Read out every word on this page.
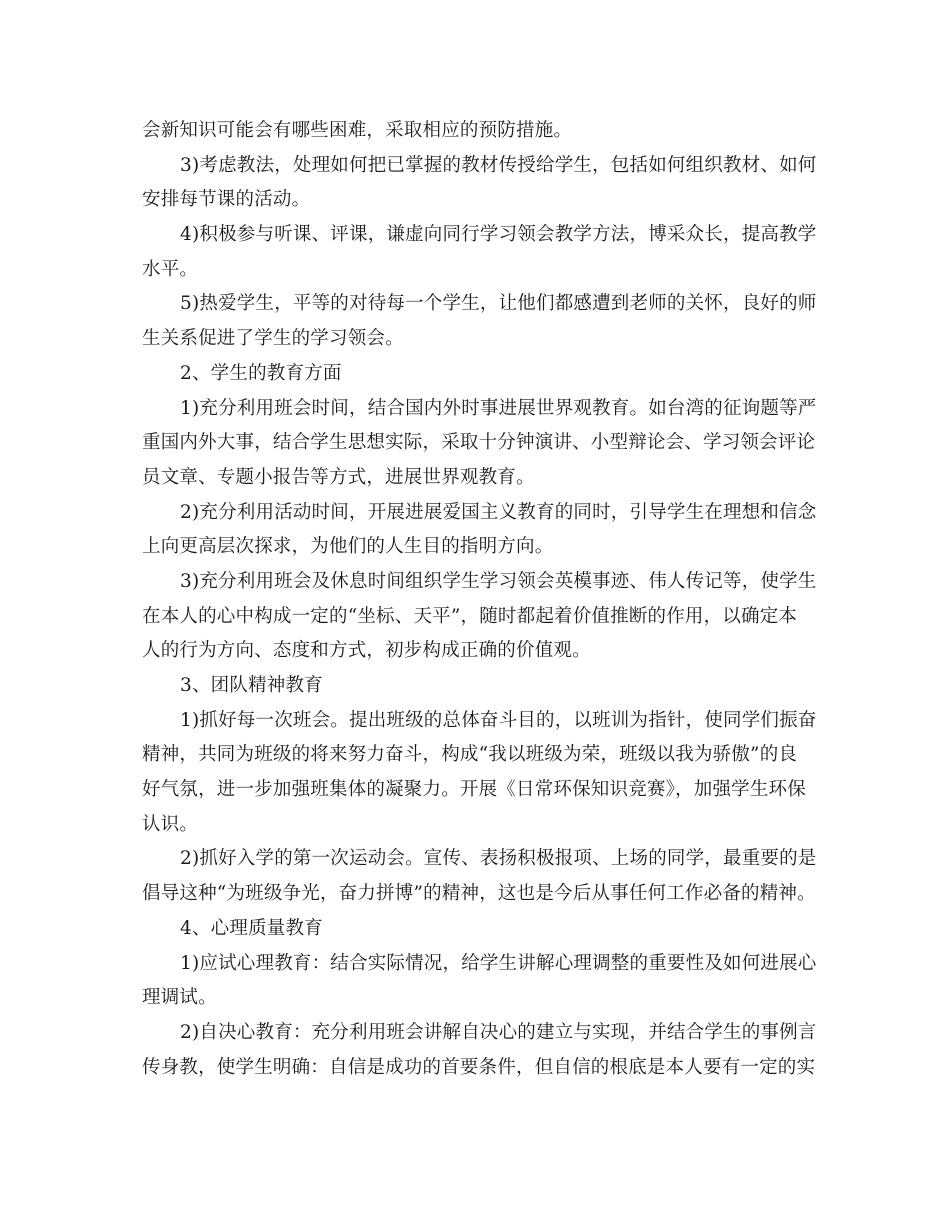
会新知识可能会有哪些困难，采取相应的预防措施。
3)考虑教法，处理如何把已掌握的教材传授给学生，包括如何组织教材、如何
安排每节课的活动。
4)积极参与听课、评课，谦虚向同行学习领会教学方法，博采众长，提高教学
水平。
5)热爱学生，平等的对待每一个学生，让他们都感遭到老师的关怀，良好的师
生关系促进了学生的学习领会。
2、学生的教育方面
1)充分利用班会时间，结合国内外时事进展世界观教育。如台湾的征询题等严
重国内外大事，结合学生思想实际，采取十分钟演讲、小型辩论会、学习领会评论
员文章、专题小报告等方式，进展世界观教育。
2)充分利用活动时间，开展进展爱国主义教育的同时，引导学生在理想和信念
上向更高层次探求，为他们的人生目的指明方向。
3)充分利用班会及休息时间组织学生学习领会英模事迹、伟人传记等，使学生
在本人的心中构成一定的“坐标、天平”，随时都起着价值推断的作用，以确定本
人的行为方向、态度和方式，初步构成正确的价值观。
3、团队精神教育
1)抓好每一次班会。提出班级的总体奋斗目的，以班训为指针，使同学们振奋
精神，共同为班级的将来努力奋斗，构成“我以班级为荣，班级以我为骄傲”的良
好气氛，进一步加强班集体的凝聚力。开展《日常环保知识竞赛》，加强学生环保
认识。
2)抓好入学的第一次运动会。宣传、表扬积极报项、上场的同学，最重要的是
倡导这种“为班级争光，奋力拼博”的精神，这也是今后从事任何工作必备的精神。
4、心理质量教育
1)应试心理教育：结合实际情况，给学生讲解心理调整的重要性及如何进展心
理调试。
2)自决心教育：充分利用班会讲解自决心的建立与实现，并结合学生的事例言
传身教，使学生明确：自信是成功的首要条件，但自信的根底是本人要有一定的实
